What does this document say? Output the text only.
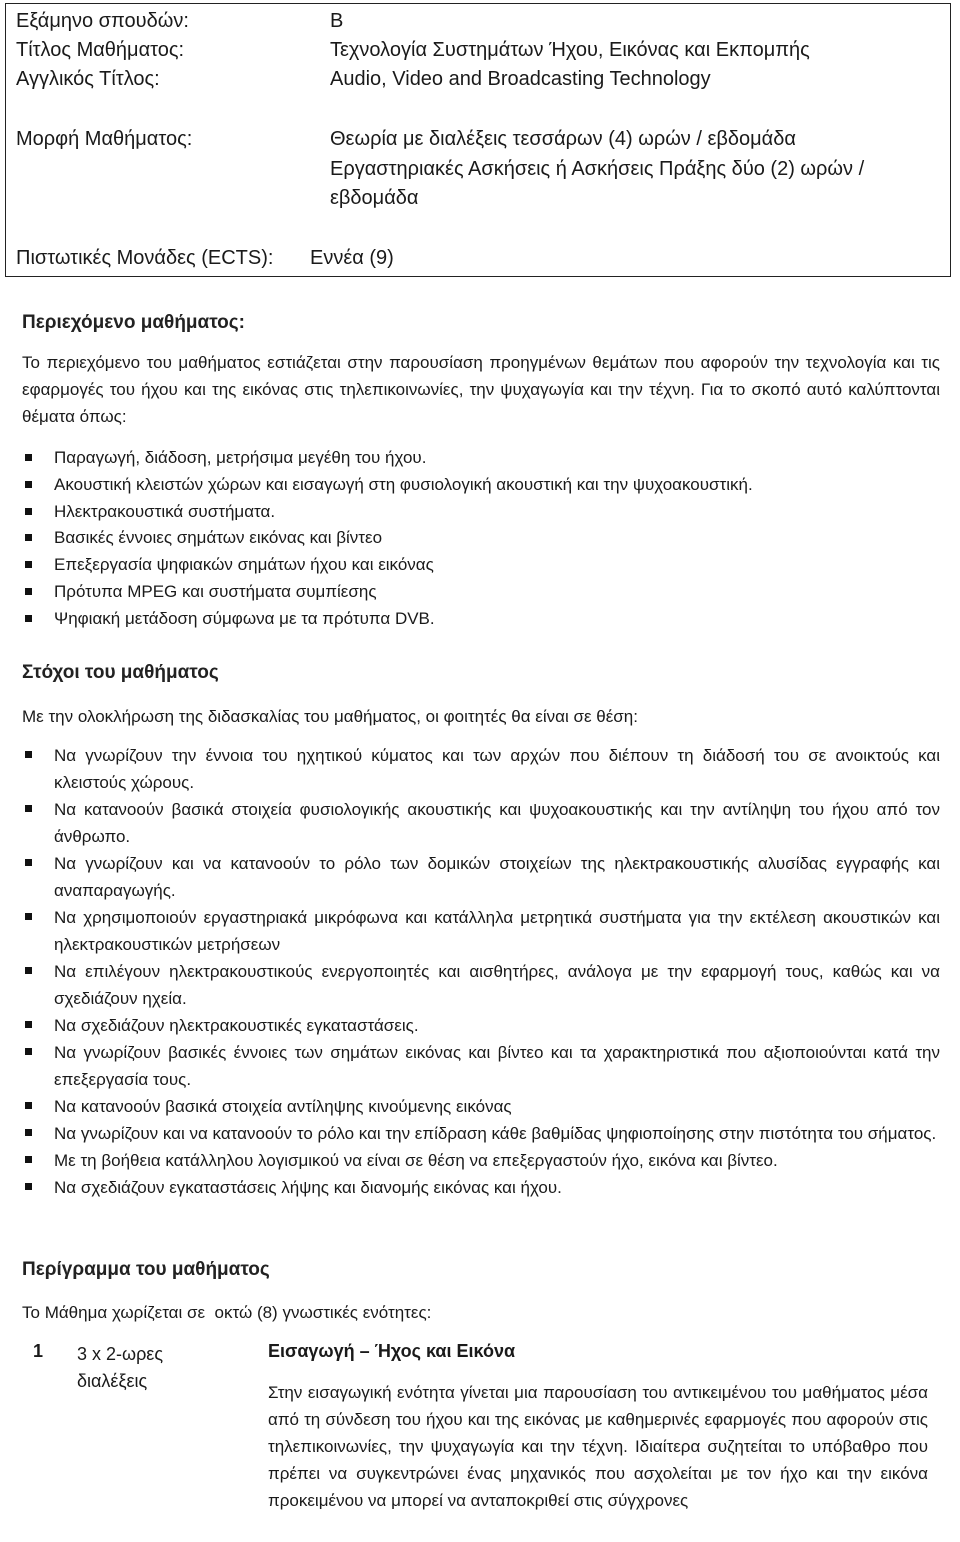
Εξάμηνο σπουδών:	Β
Τίτλος Μαθήματος:	Τεχνολογία Συστημάτων Ήχου, Εικόνας και Εκπομπής
Αγγλικός Τίτλος:	Audio, Video and Broadcasting Technology
Μορφή Μαθήματος:	Θεωρία με διαλέξεις τεσσάρων (4) ωρών / εβδομάδα
Εργαστηριακές Ασκήσεις ή Ασκήσεις Πράξης δύο (2) ωρών /
εβδομάδα
Πιστωτικές Μονάδες (ECTS): Εννέα (9)
Περιεχόμενο μαθήματος:
Το περιεχόμενο του μαθήματος εστιάζεται στην παρουσίαση προηγμένων θεμάτων που αφορούν την τεχνολογία και τις εφαρμογές του ήχου και της εικόνας στις τηλεπικοινωνίες, την ψυχαγωγία και την τέχνη. Για το σκοπό αυτό καλύπτονται θέματα όπως:
Παραγωγή, διάδοση, μετρήσιμα μεγέθη του ήχου.
Ακουστική κλειστών χώρων και εισαγωγή στη φυσιολογική ακουστική και την ψυχοακουστική.
Ηλεκτρακουστικά συστήματα.
Βασικές έννοιες σημάτων εικόνας και βίντεο
Επεξεργασία ψηφιακών σημάτων ήχου και εικόνας
Πρότυπα MPEG και συστήματα συμπίεσης
Ψηφιακή μετάδοση σύμφωνα με τα πρότυπα DVB.
Στόχοι του μαθήματος
Με την ολοκλήρωση της διδασκαλίας του μαθήματος, οι φοιτητές θα είναι σε θέση:
Να γνωρίζουν την έννοια του ηχητικού κύματος και των αρχών που διέπουν τη διάδοσή του σε ανοικτούς και κλειστούς χώρους.
Να κατανοούν βασικά στοιχεία φυσιολογικής ακουστικής και ψυχοακουστικής και την αντίληψη του ήχου από τον άνθρωπο.
Να γνωρίζουν και να κατανοούν το ρόλο των δομικών στοιχείων της ηλεκτρακουστικής αλυσίδας εγγραφής και αναπαραγωγής.
Να χρησιμοποιούν εργαστηριακά μικρόφωνα και κατάλληλα μετρητικά συστήματα για την εκτέλεση ακουστικών και ηλεκτρακουστικών μετρήσεων
Να επιλέγουν ηλεκτρακουστικούς ενεργοποιητές και αισθητήρες, ανάλογα με την εφαρμογή τους, καθώς και να σχεδιάζουν ηχεία.
Να σχεδιάζουν ηλεκτρακουστικές εγκαταστάσεις.
Να γνωρίζουν βασικές έννοιες των σημάτων εικόνας και βίντεο και τα χαρακτηριστικά που αξιοποιούνται κατά την επεξεργασία τους.
Να κατανοούν βασικά στοιχεία αντίληψης κινούμενης εικόνας
Να γνωρίζουν και να κατανοούν το ρόλο και την επίδραση κάθε βαθμίδας ψηφιοποίησης στην πιστότητα του σήματος.
Με τη βοήθεια κατάλληλου λογισμικού να είναι σε θέση να επεξεργαστούν ήχο, εικόνα και βίντεο.
Να σχεδιάζουν εγκαταστάσεις λήψης και διανομής εικόνας και ήχου.
Περίγραμμα του μαθήματος
Το Μάθημα χωρίζεται σε  οκτώ (8) γνωστικές ενότητες:
1 3 x 2-ωρες
διαλέξεις
Εισαγωγή – Ήχος και Εικόνα
Στην εισαγωγική ενότητα γίνεται μια παρουσίαση του αντικειμένου του μαθήματος μέσα από τη σύνδεση του ήχου και της εικόνας με καθημερινές εφαρμογές που αφορούν στις τηλεπικοινωνίες, την ψυχαγωγία και την τέχνη. Ιδιαίτερα συζητείται το υπόβαθρο που πρέπει να συγκεντρώνει ένας μηχανικός που ασχολείται με τον ήχο και την εικόνα προκειμένου να μπορεί να ανταποκριθεί στις σύγχρονες
